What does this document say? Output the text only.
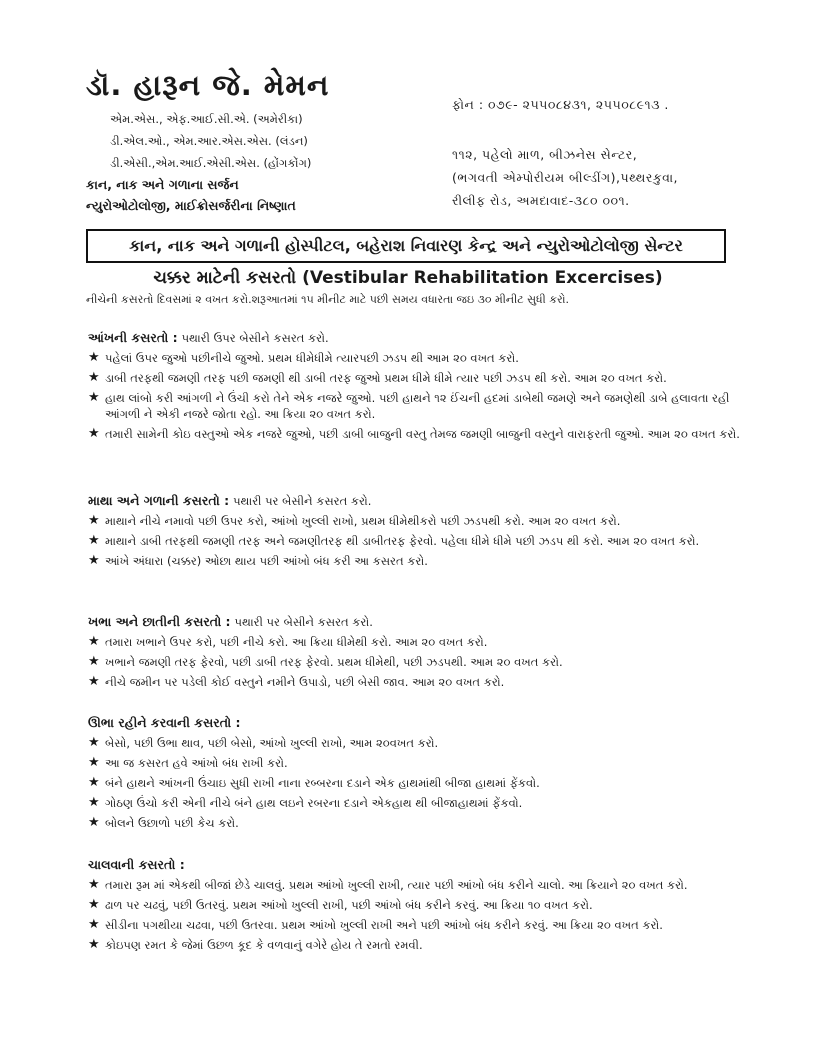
ડૉ. હારૂન જે. મેમન
એમ.એસ., એફ.આઈ.સી.એ. (અમેરીકા)
ડી.એલ.ઓ., એમ.આર.એસ.એસ. (લંડન)
ડી.એસી.,એમ.આઈ.એસી.એસ. (હોંગકોંગ)
કાન, નાક અને ગળાના સર્જન
ન્યુરોઓટોલોજી, માઈક્રોસર્જરીના નિષ્ણાત
ફોન : ૦૭૯- ૨૫૫૦૮૪૩૧, ૨૫૫૦૮૯૧૩ .
૧૧૨, પહેલો માળ, બીઝનેસ સેન્ટર,
(ભગવતી એમ્પોરીયમ બીલ્ડીંગ),પથ્થરકુવા,
રીલીફ રોડ, અમદાવાદ-૩૮૦ ૦૦૧.
કાન, નાક અને ગળાની હોસ્પીટલ, બહેરાશ નિવારણ કેન્દ્ર અને ન્યુરોઓટોલોજી સેન્ટર
ચક્કર માટેની કસરતો (Vestibular Rehabilitation Excercises)
નીચેની કસરતો દિવસમાં ૨ વખત કરો.શરૂઆતમાં ૧૫ મીનીટ માટે પછી સમય વધારતા જઇ ૩૦ મીનીટ સુધી કરો.
આંખની કસરતો : પથારી ઉપર બેસીને કસરત કરો.
★ પહેલાં ઉપર જુઓ પછીનીચે જુઓ. પ્રથમ ધીમેધીમે ત્યારપછી ઝડપ થી આમ ૨૦ વખત કરો.
★ ડાબી તરફથી જમણી તરફ પછી જમણી થી ડાબી તરફ જુઓ પ્રથમ ધીમે ધીમે ત્યાર પછી ઝડપ થી કરો. આમ ૨૦ વખત કરો.
★ હાથ લાંબો કરી આંગળી ને ઉંચી કરો તેને એક નજરે જુઓ. પછી હાથને ૧૨ ઈંચની હદમાં ડાબેથી જમણે અને જમણેથી ડાબે હલાવતા રહી આંગળી ને એકી નજરે જોતા રહો. આ ક્રિયા ૨૦ વખત કરો.
★ તમારી સામેની કોઇ વસ્તુઓ એક નજરે જુઓ, પછી ડાબી બાજુની વસ્તુ તેમજ જમણી બાજુની વસ્તુને વારાફરતી જુઓ. આમ ૨૦ વખત કરો.
માથા અને ગળાની કસરતો : પથારી પર બેસીને કસરત કરો.
★ માથાને નીચે નમાવો પછી ઉપર કરો, આંખો ખુલ્લી રાખો, પ્રથમ ધીમેથીકરો પછી ઝડપથી કરો. આમ ૨૦ વખત કરો.
★ માથાને ડાબી તરફથી જમણી તરફ અને જમણીતરફ થી ડાબીતરફ ફેરવો. પહેલા ધીમે ધીમે પછી ઝડપ થી કરો. આમ ૨૦ વખત કરો.
★ આંખે અંધારા (ચક્કર) ઓછા થાય પછી આંખો બંધ કરી આ કસરત કરો.
ખભા અને છાતીની કસરતો : પથારી પર બેસીને કસરત કરો.
★ તમારા ખભાને ઉપર કરો, પછી નીચે કરો. આ ક્રિયા ધીમેથી કરો. આમ ૨૦ વખત કરો.
★ ખભાને જમણી તરફ ફેરવો, પછી ડાબી તરફ ફેરવો. પ્રથમ ધીમેથી, પછી ઝડપથી. આમ ૨૦ વખત કરો.
★ નીચે જમીન પર પડેલી કોઈ વસ્તુને નમીને ઉપાડો, પછી બેસી જાવ. આમ ૨૦ વખત કરો.
ઊભા રહીને કરવાની કસરતો :
★ બેસો, પછી ઉભા થાવ, પછી બેસો, આંખો ખુલ્લી રાખો, આમ ૨૦વખત કરો.
★ આ જ કસરત હવે આંખો બંધ રાખી કરો.
★ બંને હાથને આંખની ઉંચાઇ સુધી રાખી નાના રબ્બરના દડાને એક હાથમાંથી બીજા હાથમાં ફેંકવો.
★ ગોઠણ ઉંચો કરી એની નીચે બંને હાથ લઇને રબરના દડાને એકહાથ થી બીજાહાથમાં ફેંકવો.
★ બોલને ઉછાળો પછી કેચ કરો.
ચાલવાની કસરતો :
★ તમારા રૂમ માં એકથી બીજાં છેડે ચાલવું. પ્રથમ આંખો ખુલ્લી રાખી, ત્યાર પછી આંખો બંધ કરીને ચાલો. આ ક્રિયાને ૨૦ વખત કરો.
★ ઢાળ પર ચઢવું, પછી ઉતરવું. પ્રથમ આંખો ખુલ્લી રાખી, પછી આંખો બંધ કરીને કરવું. આ ક્રિયા ૧૦ વખત કરો.
★ સીડીના પગથીયા ચઢવા, પછી ઉતરવા. પ્રથમ આંખો ખુલ્લી રાખી અને પછી આંખો બંધ કરીને કરવું. આ ક્રિયા ૨૦ વખત કરો.
★ કોઇપણ રમત કે જેમાં ઉછળ કૂદ કે વળવાનું વગેરે હોય તે રમતો રમવી.
